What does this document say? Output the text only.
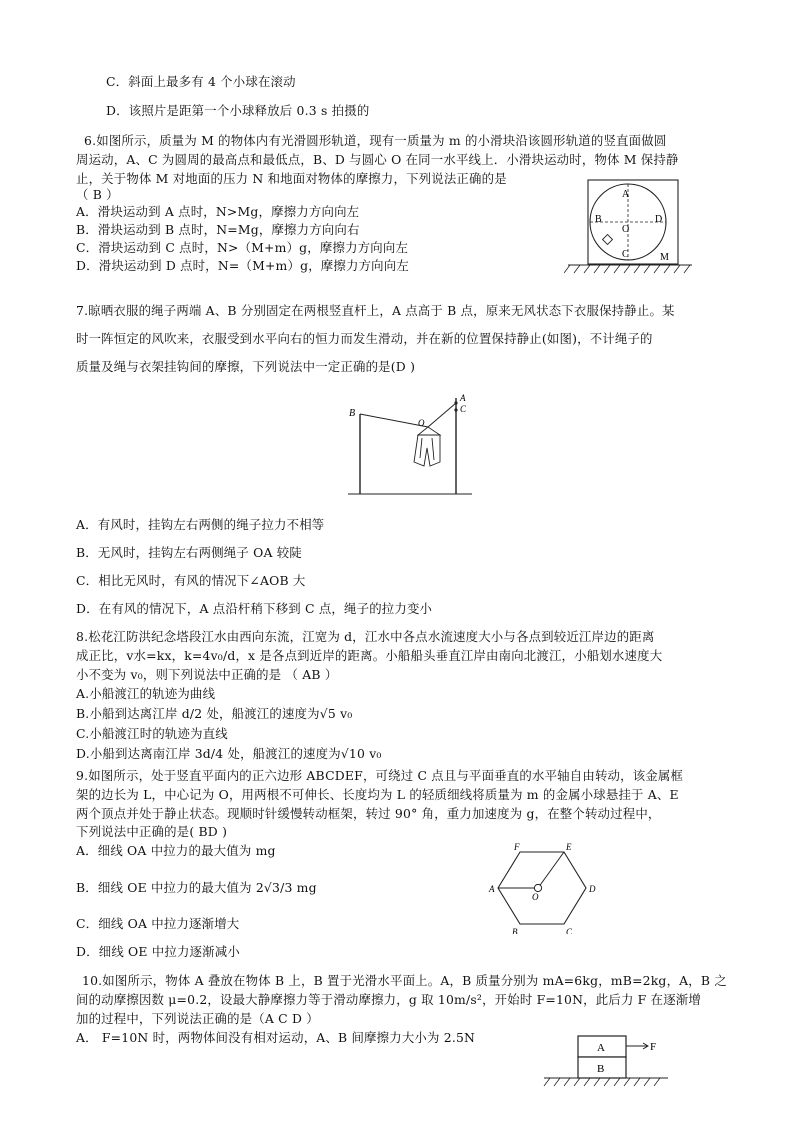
C．斜面上最多有 4 个小球在滚动
D．该照片是距第一个小球释放后 0.3 s 拍摄的
6.如图所示，质量为 M 的物体内有光滑圆形轨道，现有一质量为 m 的小滑块沿该圆形轨道的竖直面做圆
周运动，A、C 为圆周的最高点和最低点，B、D 与圆心 O 在同一水平线上．小滑块运动时，物体 M 保持静
止，关于物体 M 对地面的压力 N 和地面对物体的摩擦力，下列说法正确的是
（ B ）
A．滑块运动到 A 点时，N>Mg，摩擦力方向向左
B．滑块运动到 B 点时，N=Mg，摩擦力方向向右
C．滑块运动到 C 点时，N>（M+m）g，摩擦力方向向左
D．滑块运动到 D 点时，N=（M+m）g，摩擦力方向向左
A
B
C
D
O
M
7.晾晒衣服的绳子两端 A、B 分别固定在两根竖直杆上，A 点高于 B 点，原来无风状态下衣服保持静止。某
时一阵恒定的风吹来，衣服受到水平向右的恒力而发生滑动，并在新的位置保持静止(如图)，不计绳子的
质量及绳与衣架挂钩间的摩擦，下列说法中一定正确的是(D )
B
A
C
O
A．有风时，挂钩左右两侧的绳子拉力不相等
B．无风时，挂钩左右两侧绳子 OA 较陡
C．相比无风时，有风的情况下∠AOB 大
D．在有风的情况下，A 点沿杆稍下移到 C 点，绳子的拉力变小
8.松花江防洪纪念塔段江水由西向东流，江宽为 d，江水中各点水流速度大小与各点到较近江岸边的距离
成正比，v水=kx，k=4v₀/d，x 是各点到近岸的距离。小船船头垂直江岸由南向北渡江，小船划水速度大
小不变为 v₀，则下列说法中正确的是 （ AB ）
A.小船渡江的轨迹为曲线
B.小船到达离江岸 d/2 处，船渡江的速度为√5 v₀
C.小船渡江时的轨迹为直线
D.小船到达离南江岸 3d/4 处，船渡江的速度为√10 v₀
9.如图所示，处于竖直平面内的正六边形 ABCDEF，可绕过 C 点且与平面垂直的水平轴自由转动，该金属框
架的边长为 L，中心记为 O，用两根不可伸长、长度均为 L 的轻质细线将质量为 m 的金属小球悬挂于 A、E
两个顶点并处于静止状态。现顺时针缓慢转动框架，转过 90° 角，重力加速度为 g，在整个转动过程中，
下列说法中正确的是( BD )
A．细线 OA 中拉力的最大值为 mg
B．细线 OE 中拉力的最大值为 2√3/3 mg
C．细线 OA 中拉力逐渐增大
D．细线 OE 中拉力逐渐减小
A
B	C
D
E
F
O
10.如图所示，物体 A 叠放在物体 B 上，B 置于光滑水平面上。A，B 质量分别为 mA=6kg，mB=2kg，A，B 之
间的动摩擦因数 μ=0.2，设最大静摩擦力等于滑动摩擦力，g 取 10m/s²，开始时 F=10N，此后力 F 在逐渐增
加的过程中，下列说法正确的是（A C D ）
A． F=10N 时，两物体间没有相对运动，A、B 间摩擦力大小为 2.5N
A
B
F
